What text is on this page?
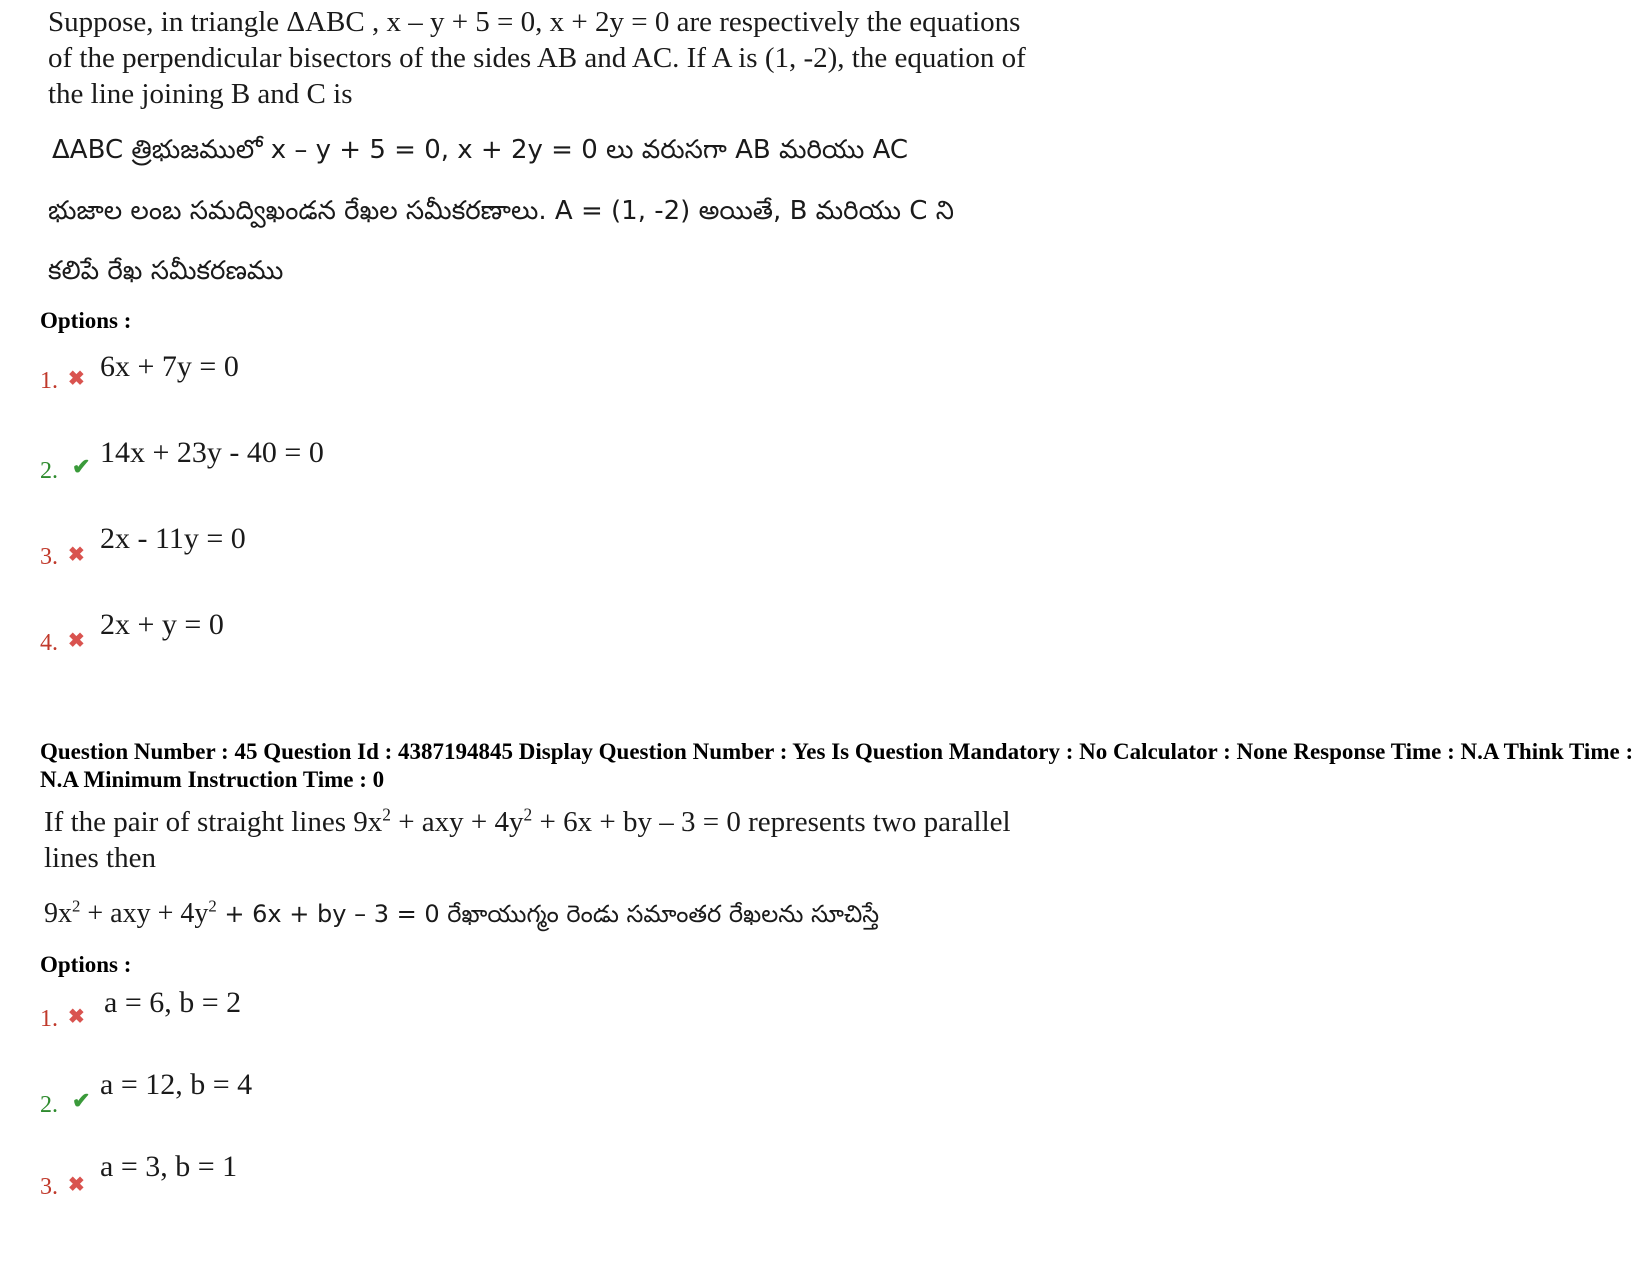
Suppose, in triangle ΔABC , x – y + 5 = 0, x + 2y = 0 are respectively the equations
of the perpendicular bisectors of the sides AB and AC. If A is (1, -2), the equation of
the line joining B and C is
ΔABC త్రిభుజములో x – y + 5 = 0, x + 2y = 0 లు వరుసగా AB మరియు AC
భుజాల లంబ సమద్విఖండన రేఖల సమీకరణాలు. A = (1, -2) అయితే, B మరియు C ని
కలిపే రేఖ సమీకరణము
Options :
1. ✖ 6x + 7y = 0
2. ✔ 14x + 23y - 40 = 0
3. ✖ 2x - 11y = 0
4. ✖ 2x + y = 0
Question Number : 45 Question Id : 4387194845 Display Question Number : Yes Is Question Mandatory : No Calculator : None Response Time : N.A Think Time : N.A Minimum Instruction Time : 0
If the pair of straight lines $9x^2$ + axy + $4y^2 + 6x$ + by – 3 = 0 represents two parallel
lines then
$9x^2$ + axy + $4y^2 + 6x$ + by – 3 = 0 రేఖాయుగ్మం రెండు సమాంతర రేఖలను సూచిస్తే
Options :
1. ✖ a = 6, b = 2
2. ✔ a = 12, b = 4
3. ✖
a = 3, b = 1
